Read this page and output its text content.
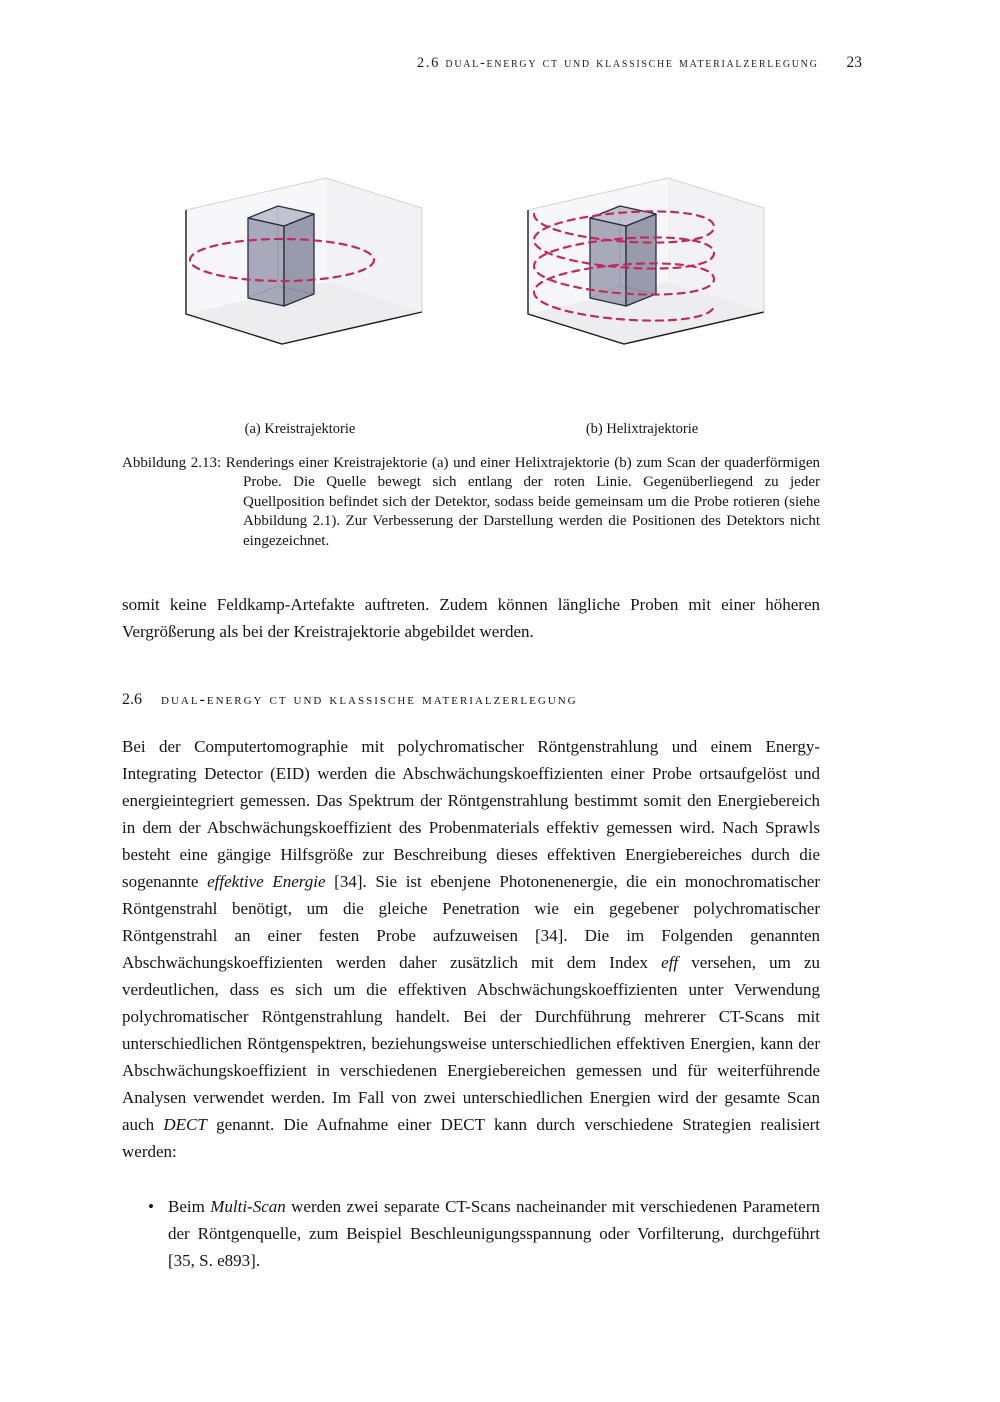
2.6 dual-energy ct und klassische materialzerlegung 23
(a) Kreistrajektorie	(b) Helixtrajektorie
Abbildung 2.13: Renderings einer Kreistrajektorie (a) und einer Helixtrajektorie (b) zum Scan der quaderförmigen Probe. Die Quelle bewegt sich entlang der roten Linie. Gegenüberliegend zu jeder Quellposition befindet sich der Detektor, sodass beide gemeinsam um die Probe rotieren (siehe Abbildung 2.1). Zur Verbesserung der Darstellung werden die Positionen des Detektors nicht eingezeichnet.

somit keine Feldkamp-Artefakte auftreten. Zudem können längliche Proben mit einer höheren Vergrößerung als bei der Kreistrajektorie abgebildet werden.

2.6 dual-energy ct und klassische materialzerlegung

Bei der Computertomographie mit polychromatischer Röntgenstrahlung und einem Energy-Integrating Detector (EID) werden die Abschwächungskoeffizienten einer Probe ortsaufgelöst und energieintegriert gemessen. Das Spektrum der Röntgenstrahlung bestimmt somit den Energiebereich in dem der Abschwächungskoeffizient des Probenmaterials effektiv gemessen wird. Nach Sprawls besteht eine gängige Hilfsgröße zur Beschreibung dieses effektiven Energiebereiches durch die sogenannte effektive Energie [34]. Sie ist ebenjene Photonenenergie, die ein monochromatischer Röntgenstrahl benötigt, um die gleiche Penetration wie ein gegebener polychromatischer Röntgenstrahl an einer festen Probe aufzuweisen [34]. Die im Folgenden genannten Abschwächungskoeffizienten werden daher zusätzlich mit dem Index eff versehen, um zu verdeutlichen, dass es sich um die effektiven Abschwächungskoeffizienten unter Verwendung polychromatischer Röntgenstrahlung handelt. Bei der Durchführung mehrerer CT-Scans mit unterschiedlichen Röntgenspektren, beziehungsweise unterschiedlichen effektiven Energien, kann der Abschwächungskoeffizient in verschiedenen Energiebereichen gemessen und für weiterführende Analysen verwendet werden. Im Fall von zwei unterschiedlichen Energien wird der gesamte Scan auch DECT genannt. Die Aufnahme einer DECT kann durch verschiedene Strategien realisiert werden:

• Beim Multi-Scan werden zwei separate CT-Scans nacheinander mit verschiedenen Parametern der Röntgenquelle, zum Beispiel Beschleunigungsspannung oder Vorfilterung, durchgeführt [35, S. e893].
